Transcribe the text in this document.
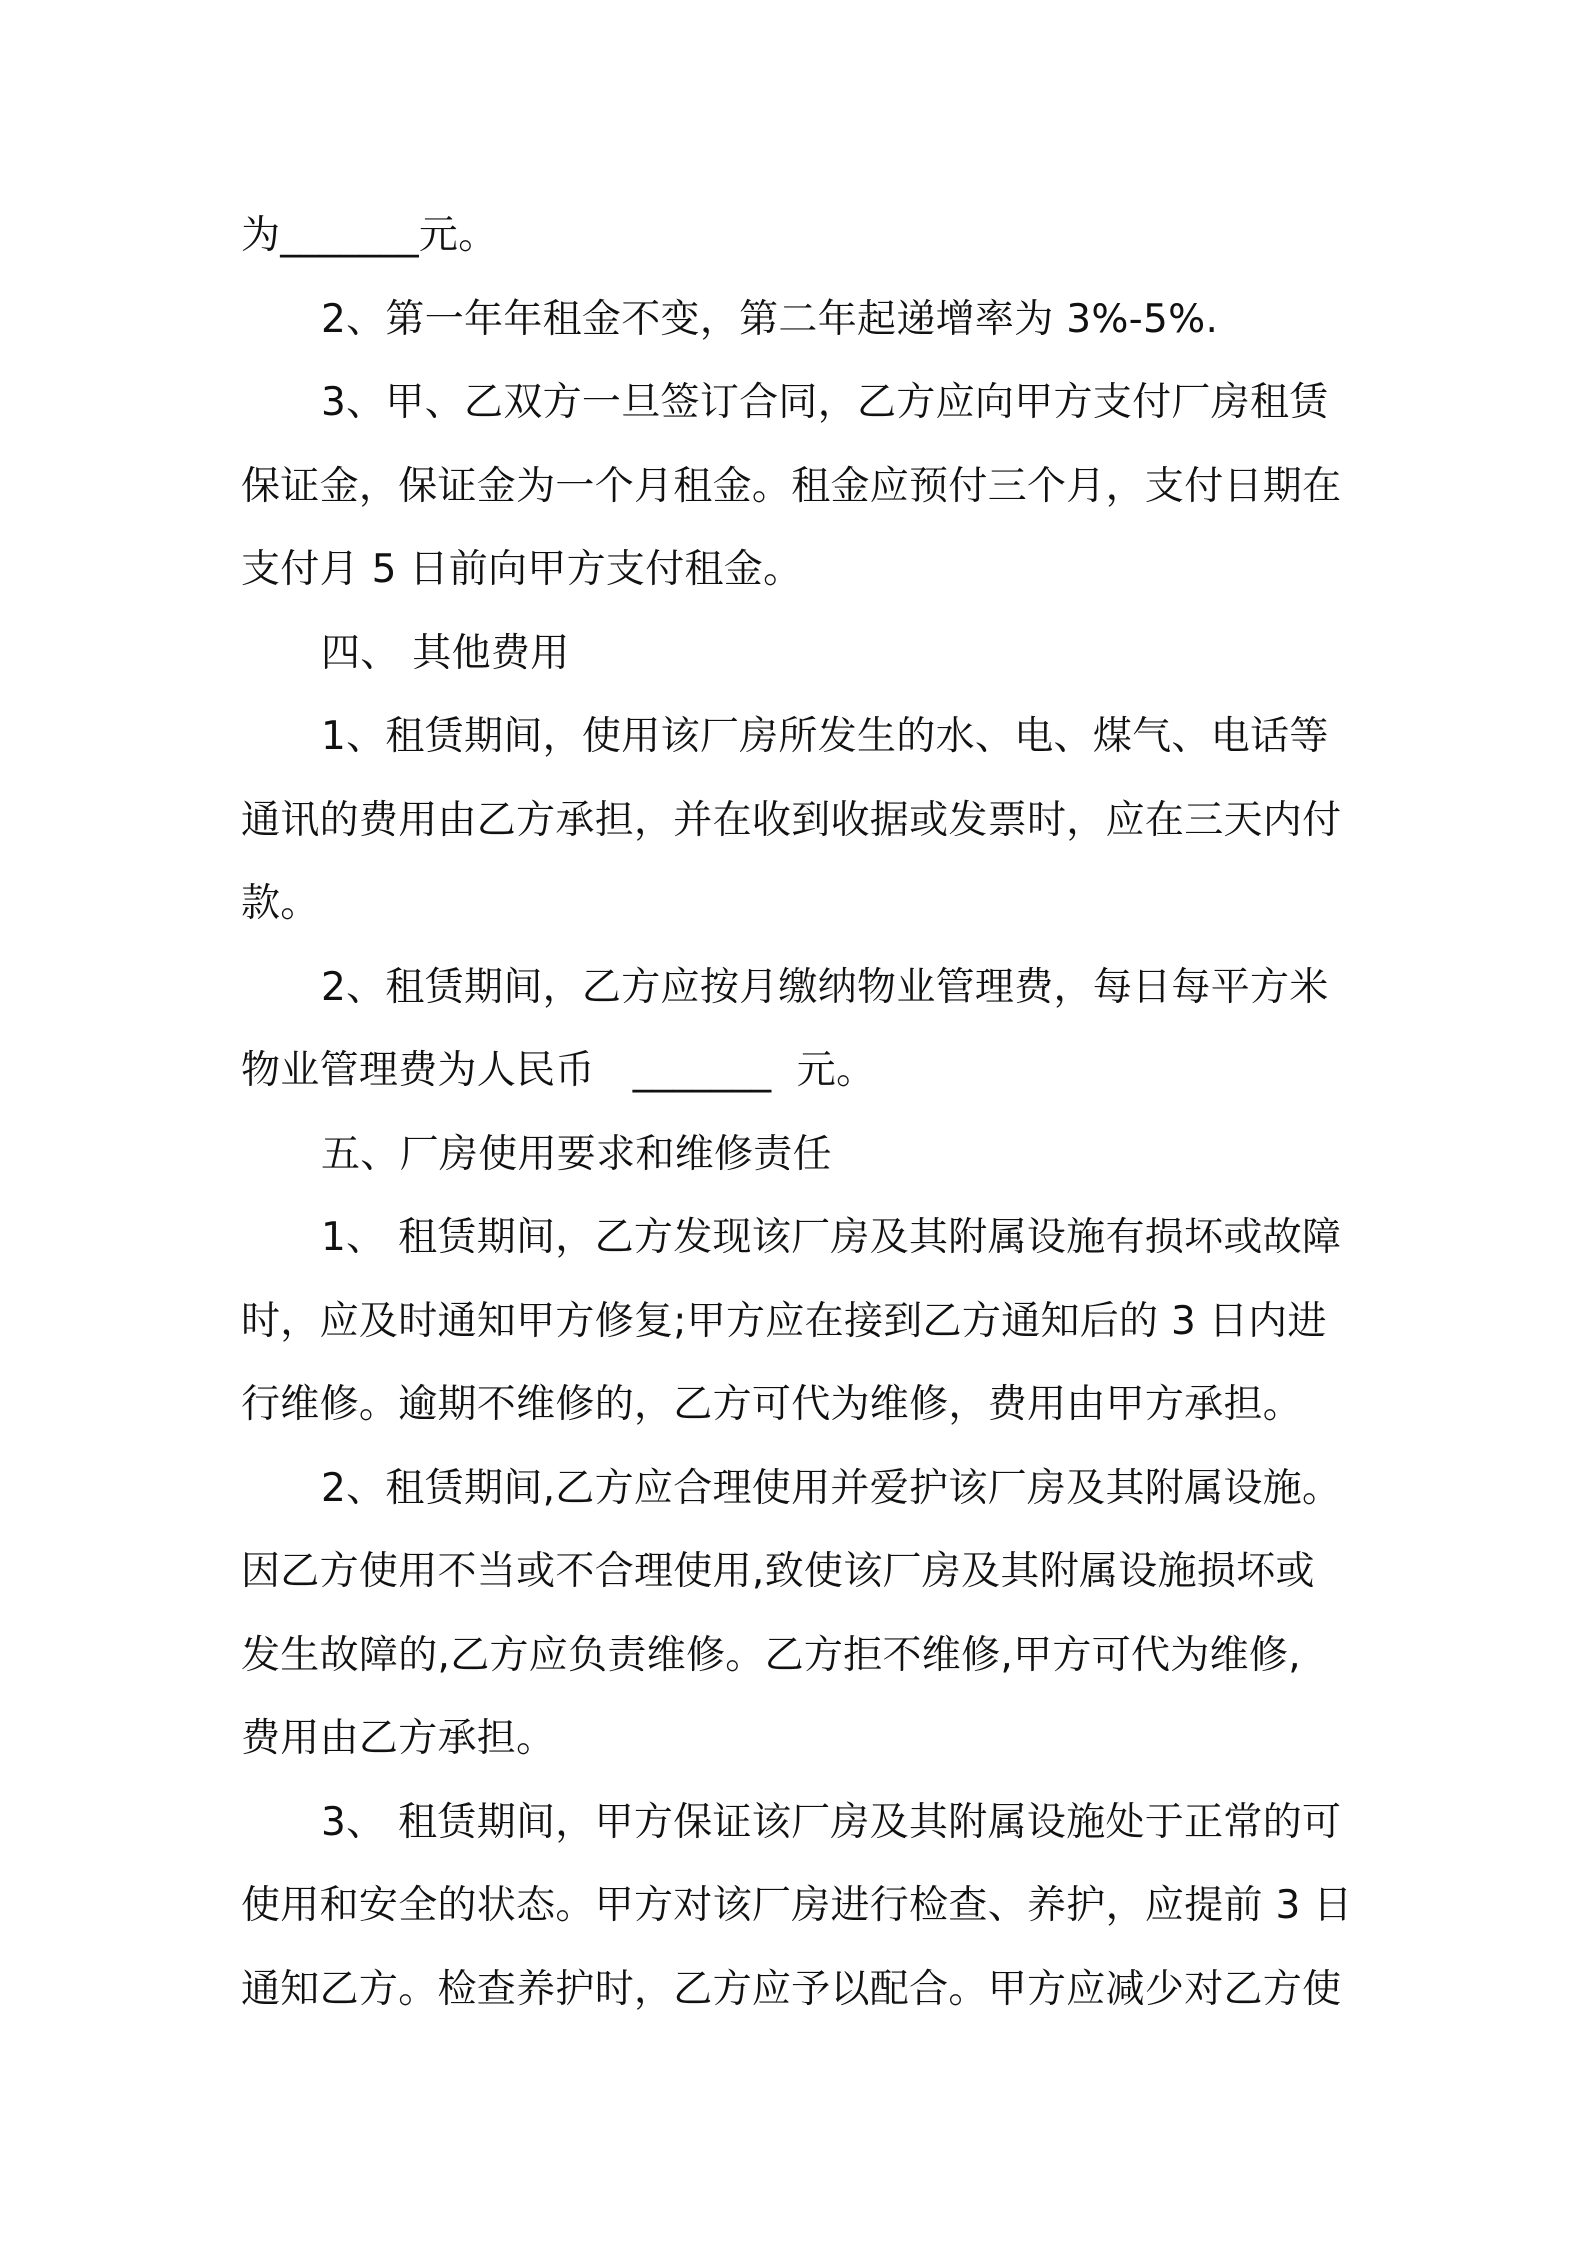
为_______元。
2、第一年年租金不变，第二年起递增率为 3%-5%.
3、甲、乙双方一旦签订合同，乙方应向甲方支付厂房租赁
保证金，保证金为一个月租金。租金应预付三个月，支付日期在
支付月 5 日前向甲方支付租金。
四、 其他费用
1、租赁期间，使用该厂房所发生的水、电、煤气、电话等
通讯的费用由乙方承担，并在收到收据或发票时，应在三天内付
款。
2、租赁期间，乙方应按月缴纳物业管理费，每日每平方米
物业管理费为人民币   _______  元。
五、厂房使用要求和维修责任
1、 租赁期间，乙方发现该厂房及其附属设施有损坏或故障
时，应及时通知甲方修复;甲方应在接到乙方通知后的 3 日内进
行维修。逾期不维修的，乙方可代为维修，费用由甲方承担。
2、租赁期间,乙方应合理使用并爱护该厂房及其附属设施。
因乙方使用不当或不合理使用,致使该厂房及其附属设施损坏或
发生故障的,乙方应负责维修。乙方拒不维修,甲方可代为维修,
费用由乙方承担。
3、 租赁期间，甲方保证该厂房及其附属设施处于正常的可
使用和安全的状态。甲方对该厂房进行检查、养护，应提前 3 日
通知乙方。检查养护时，乙方应予以配合。甲方应减少对乙方使
